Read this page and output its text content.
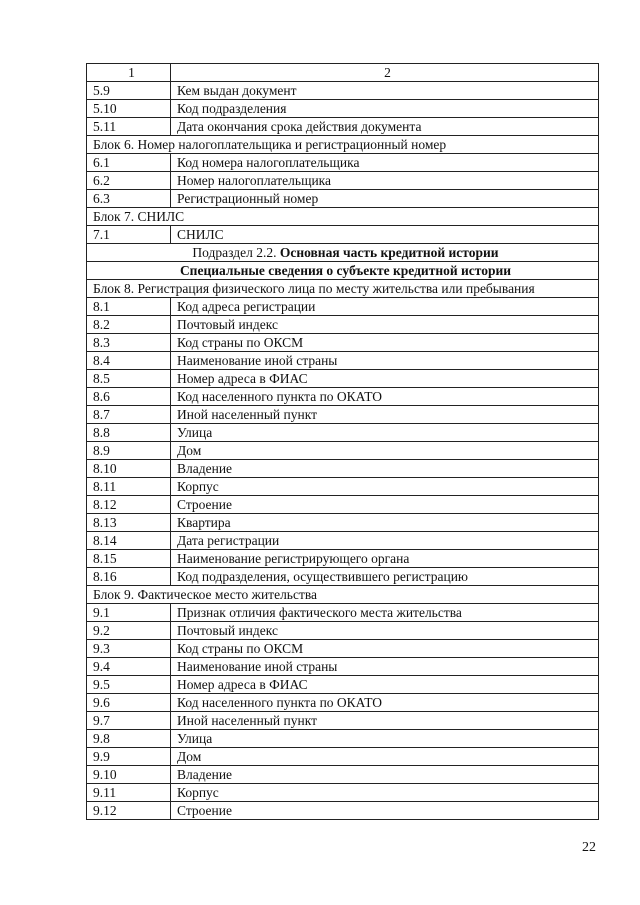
1	2
5.9	Кем выдан документ
5.10	Код подразделения
5.11	Дата окончания срока действия документа
Блок 6. Номер налогоплательщика и регистрационный номер	
6.1	Код номера налогоплательщика
6.2	Номер налогоплательщика
6.3	Регистрационный номер
Блок 7. СНИЛС	
7.1	СНИЛС
Подраздел 2.2. Основная часть кредитной истории	
Специальные сведения о субъекте кредитной истории	
Блок 8. Регистрация физического лица по месту жительства или пребывания	
8.1	Код адреса регистрации
8.2	Почтовый индекс
8.3	Код страны по ОКСМ
8.4	Наименование иной страны
8.5	Номер адреса в ФИАС
8.6	Код населенного пункта по ОКАТО
8.7	Иной населенный пункт
8.8	Улица
8.9	Дом
8.10	Владение
8.11	Корпус
8.12	Строение
8.13	Квартира
8.14	Дата регистрации
8.15	Наименование регистрирующего органа
8.16	Код подразделения, осуществившего регистрацию
Блок 9. Фактическое место жительства	
9.1	Признак отличия фактического места жительства
9.2	Почтовый индекс
9.3	Код страны по ОКСМ
9.4	Наименование иной страны
9.5	Номер адреса в ФИАС
9.6	Код населенного пункта по ОКАТО
9.7	Иной населенный пункт
9.8	Улица
9.9	Дом
9.10	Владение
9.11	Корпус
9.12	Строение
22
